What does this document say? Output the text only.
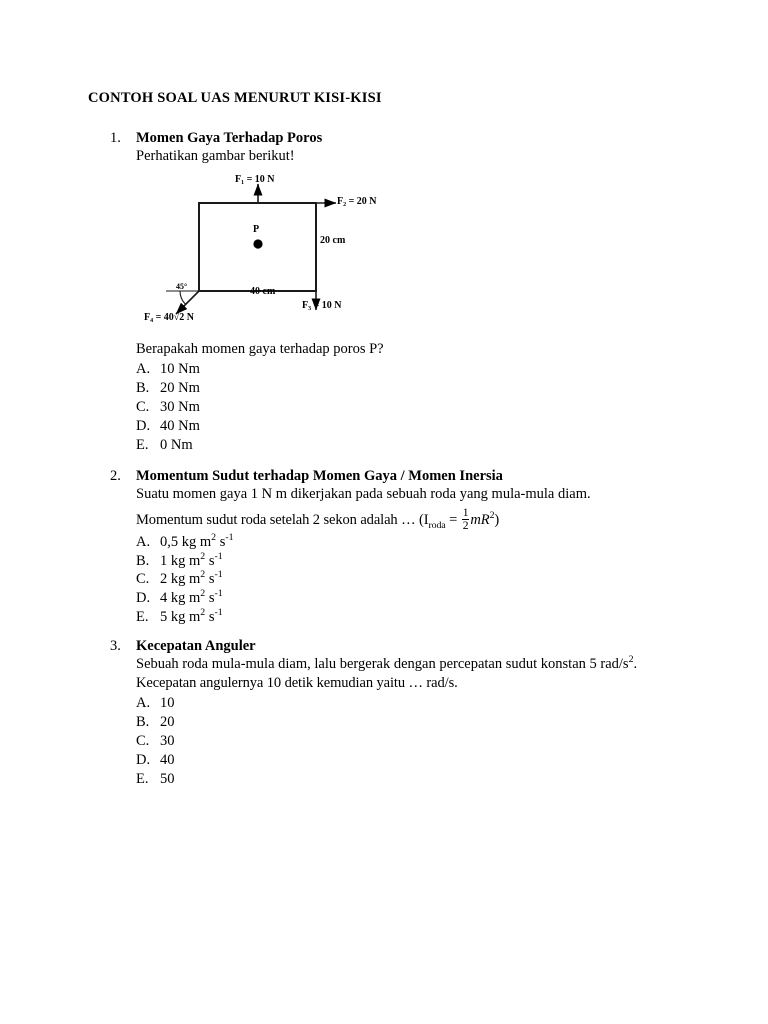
CONTOH SOAL UAS MENURUT KISI-KISI
1.	Momen Gaya Terhadap Poros
Perhatikan gambar berikut!
F₁ = 10 N
F₂ = 20 N
F₃ = 10 N
F₄ = 40√2 N
20 cm
40 cm
P
45°
Berapakah momen gaya terhadap poros P?
A. 10 Nm
B. 20 Nm
C. 30 Nm
D. 40 Nm
E. 0 Nm
2.	Momentum Sudut terhadap Momen Gaya / Momen Inersia
Suatu momen gaya 1 N m dikerjakan pada sebuah roda yang mula-mula diam.
Momentum sudut roda setelah 2 sekon adalah … $(I_{roda} = \frac{1}{2} mR^2)$
A. 0,5 kg $m^2$ $s^{-1}$
B. 1 kg $m^2$ $s^{-1}$
C. 2 kg $m^2$ $s^{-1}$
D. 4 kg $m^2$ $s^{-1}$
E. 5 kg $m^2$ $s^{-1}$
3.	Kecepatan Anguler
Sebuah roda mula-mula diam, lalu bergerak dengan percepatan sudut konstan 5 rad/$s^2$.
Kecepatan angulernya 10 detik kemudian yaitu … rad/s.
A. 10
B. 20
C. 30
D. 40
E. 50
